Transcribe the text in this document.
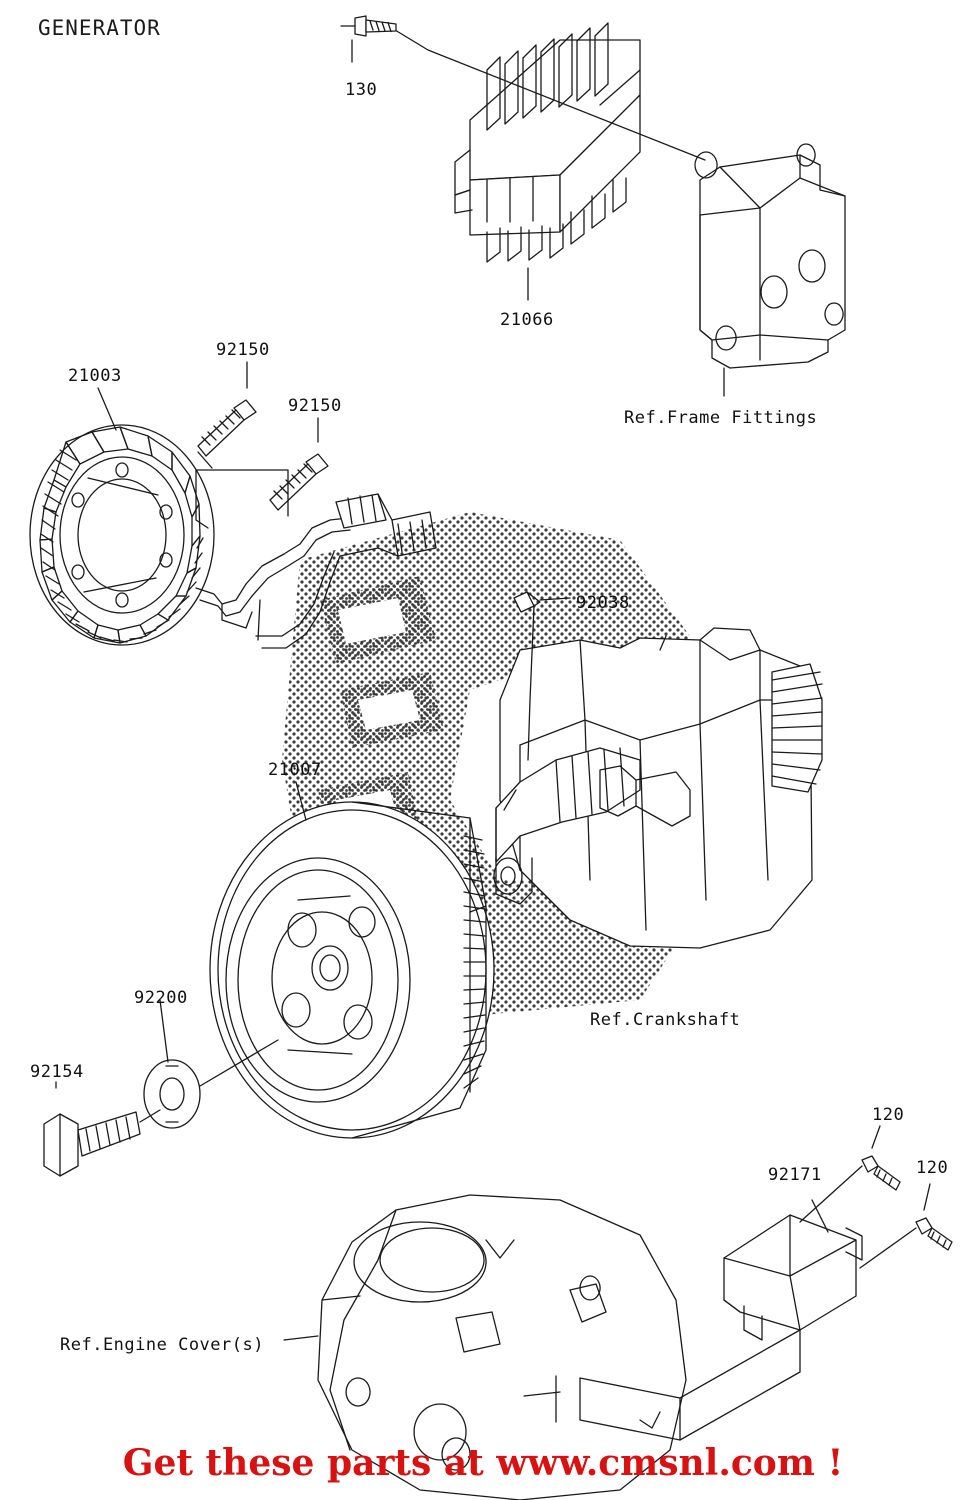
GENERATOR
130
21066
21003
92150
92150
92038
21007
92200
92154
92171
120
120
Ref.Frame Fittings
Ref.Crankshaft
Ref.Engine Cover(s)
Get these parts at www.cmsnl.com !
